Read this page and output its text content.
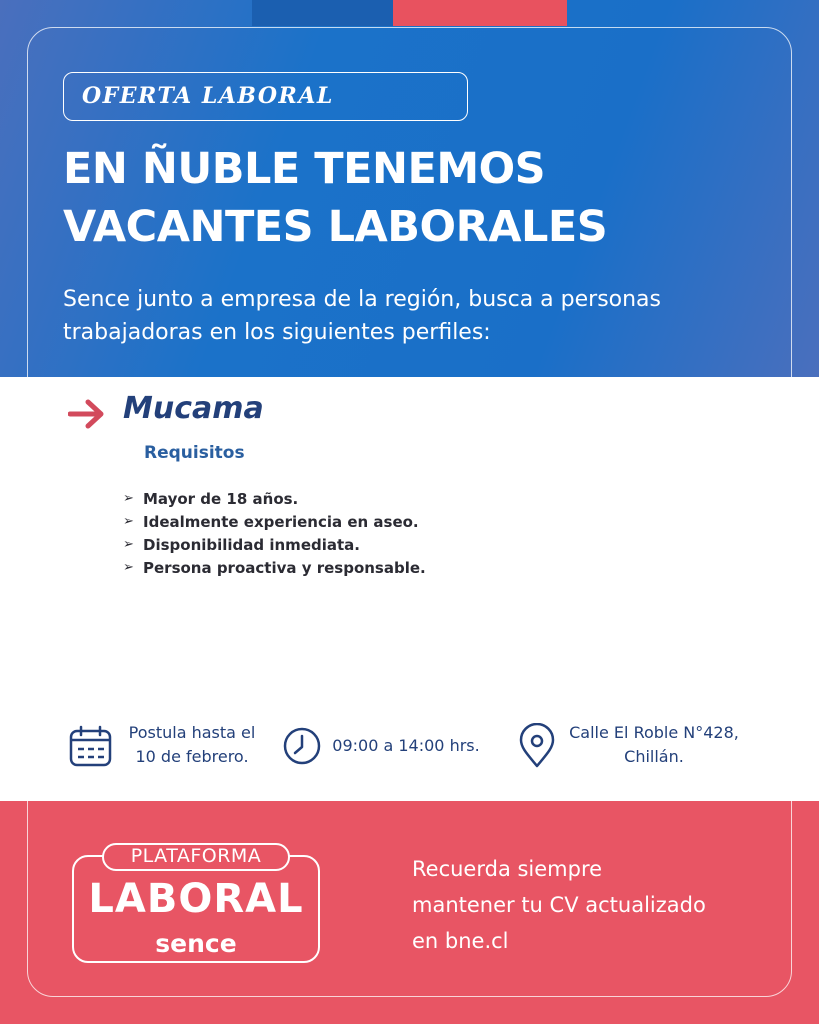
OFERTA LABORAL
EN ÑUBLE TENEMOS
VACANTES LABORALES
Sence junto a empresa de la región, busca a personas trabajadoras en los siguientes perfiles:
Mucama
Requisitos
➢ Mayor de 18 años.
➢ Idealmente experiencia en aseo.
➢ Disponibilidad inmediata.
➢ Persona proactiva y responsable.
Postula hasta el
10 de febrero.
09:00 a 14:00 hrs.
Calle El Roble N°428,
Chillán.
PLATAFORMA
LABORAL
sence
Recuerda siempre
mantener tu CV actualizado
en bne.cl
